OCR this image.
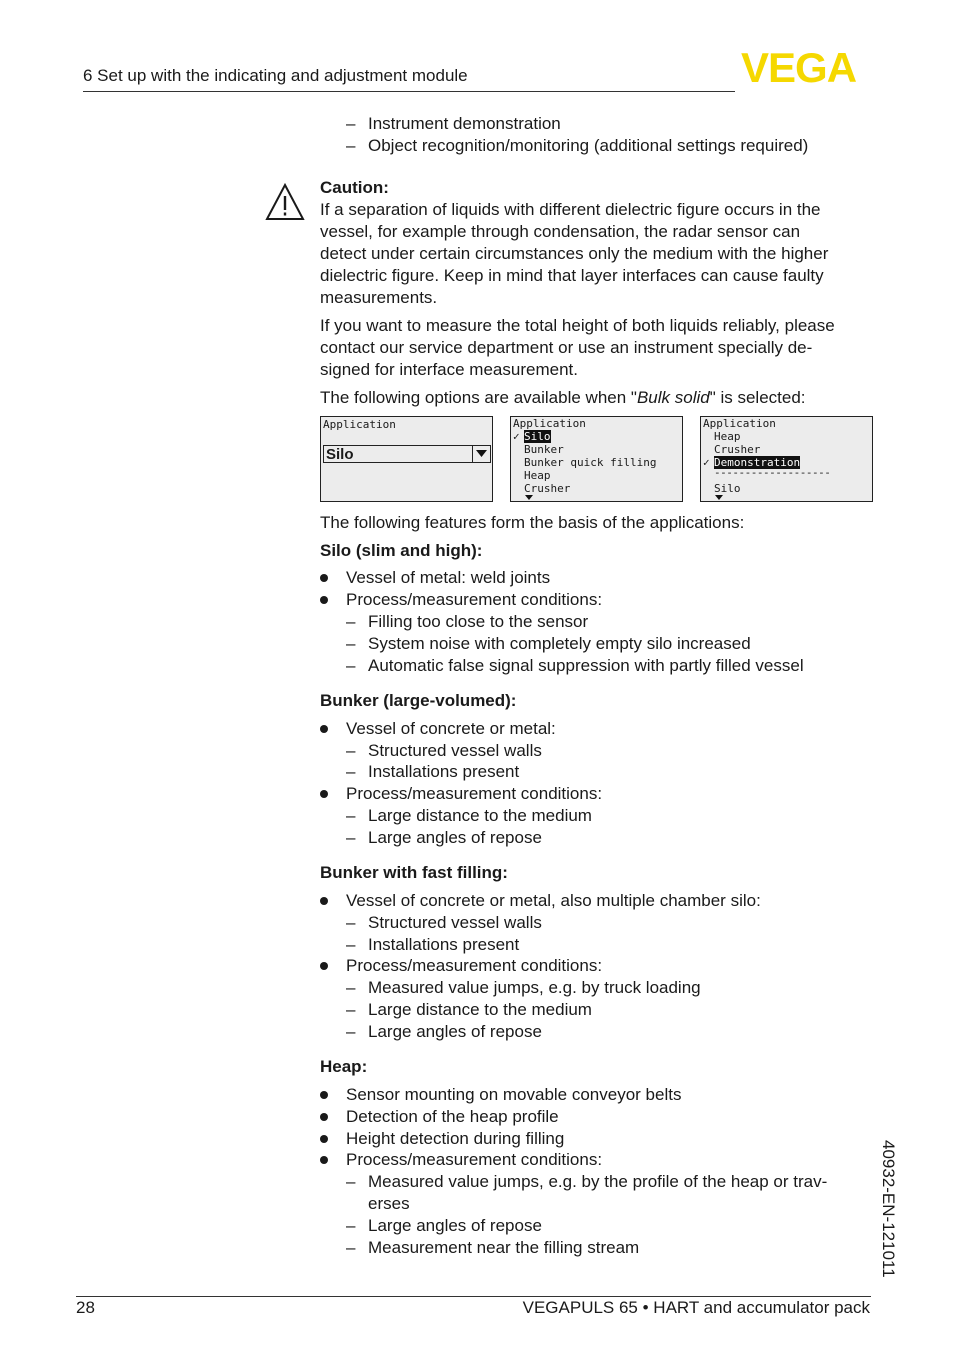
6 Set up with the indicating and adjustment module	VEGA
– Instrument demonstration
– Object recognition/monitoring (additional settings required)
Caution:
If a separation of liquids with different dielectric figure occurs in the
vessel, for example through condensation, the radar sensor can
detect under certain circumstances only the medium with the higher
dielectric figure. Keep in mind that layer interfaces can cause faulty
measurements.
If you want to measure the total height of both liquids reliably, please
contact our service department or use an instrument specially de-
signed for interface measurement.
The following options are available when "Bulk solid" is selected:
Application
Silo
Application
✓ Silo
Bunker
Bunker quick filling
Heap
Crusher
Application
Heap
Crusher
✓ Demonstration
-------------------
Silo
The following features form the basis of the applications:
Silo (slim and high):
Vessel of metal: weld joints
Process/measurement conditions:
– Filling too close to the sensor
– System noise with completely empty silo increased
– Automatic false signal suppression with partly filled vessel
Bunker (large-volumed):
Vessel of concrete or metal:
– Structured vessel walls
– Installations present
Process/measurement conditions:
– Large distance to the medium
– Large angles of repose
Bunker with fast filling:
Vessel of concrete or metal, also multiple chamber silo:
– Structured vessel walls
– Installations present
Process/measurement conditions:
– Measured value jumps, e.g. by truck loading
– Large distance to the medium
– Large angles of repose
Heap:
Sensor mounting on movable conveyor belts
Detection of the heap profile
Height detection during filling
Process/measurement conditions:
– Measured value jumps, e.g. by the profile of the heap or trav-
erses
– Large angles of repose
– Measurement near the filling stream	40932-EN-121011
28	VEGAPULS 65 • HART and accumulator pack
